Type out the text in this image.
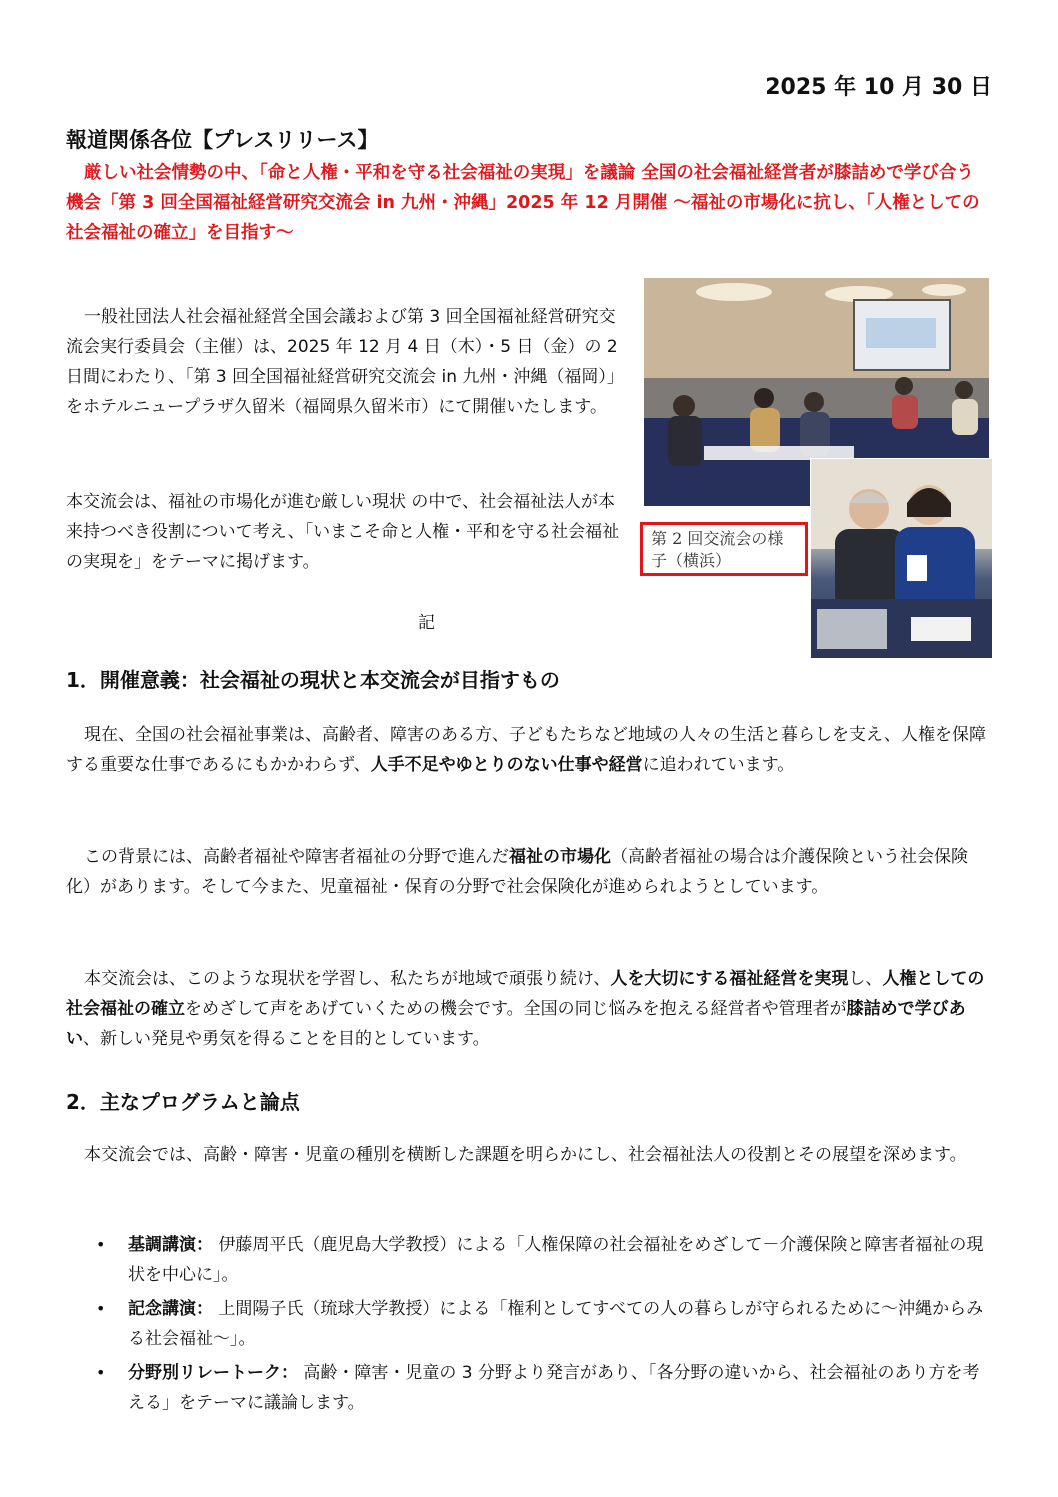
2025 年 10 月 30 日
報道関係各位【プレスリリース】
厳しい社会情勢の中、「命と人権・平和を守る社会福祉の実現」を議論 全国の社会福祉経営者が膝詰めで学び合う機会「第 3 回全国福祉経営研究交流会 in 九州・沖縄」2025 年 12 月開催 〜福祉の市場化に抗し、「人権としての社会福祉の確立」を目指す〜
一般社団法人社会福祉経営全国会議および第 3 回全国福祉経営研究交流会実行委員会（主催）は、2025 年 12 月 4 日（木）・5 日（金）の 2 日間にわたり、「第 3 回全国福祉経営研究交流会 in 九州・沖縄（福岡）」をホテルニュープラザ久留米（福岡県久留米市）にて開催いたします。
本交流会は、福祉の市場化が進む厳しい現状 の中で、社会福祉法人が本来持つべき役割について考え、「いまこそ命と人権・平和を守る社会福祉の実現を」をテーマに掲げます。
第 2 回交流会の様子（横浜）
記
1．開催意義：社会福祉の現状と本交流会が目指すもの
現在、全国の社会福祉事業は、高齢者、障害のある方、子どもたちなど地域の人々の生活と暮らしを支え、人権を保障する重要な仕事であるにもかかわらず、人手不足やゆとりのない仕事や経営に追われています。
この背景には、高齢者福祉や障害者福祉の分野で進んだ福祉の市場化（高齢者福祉の場合は介護保険という社会保険化）があります。そして今また、児童福祉・保育の分野で社会保険化が進められようとしています。
本交流会は、このような現状を学習し、私たちが地域で頑張り続け、人を大切にする福祉経営を実現し、人権としての社会福祉の確立をめざして声をあげていくための機会です。全国の同じ悩みを抱える経営者や管理者が膝詰めで学びあい、新しい発見や勇気を得ることを目的としています。
2．主なプログラムと論点
本交流会では、高齢・障害・児童の種別を横断した課題を明らかにし、社会福祉法人の役割とその展望を深めます。
• 基調講演： 伊藤周平氏（鹿児島大学教授）による「人権保障の社会福祉をめざして－介護保険と障害者福祉の現状を中心に」。
• 記念講演： 上間陽子氏（琉球大学教授）による「権利としてすべての人の暮らしが守られるために〜沖縄からみる社会福祉〜」。
• 分野別リレートーク： 高齢・障害・児童の 3 分野より発言があり、「各分野の違いから、社会福祉のあり方を考える」をテーマに議論します。
